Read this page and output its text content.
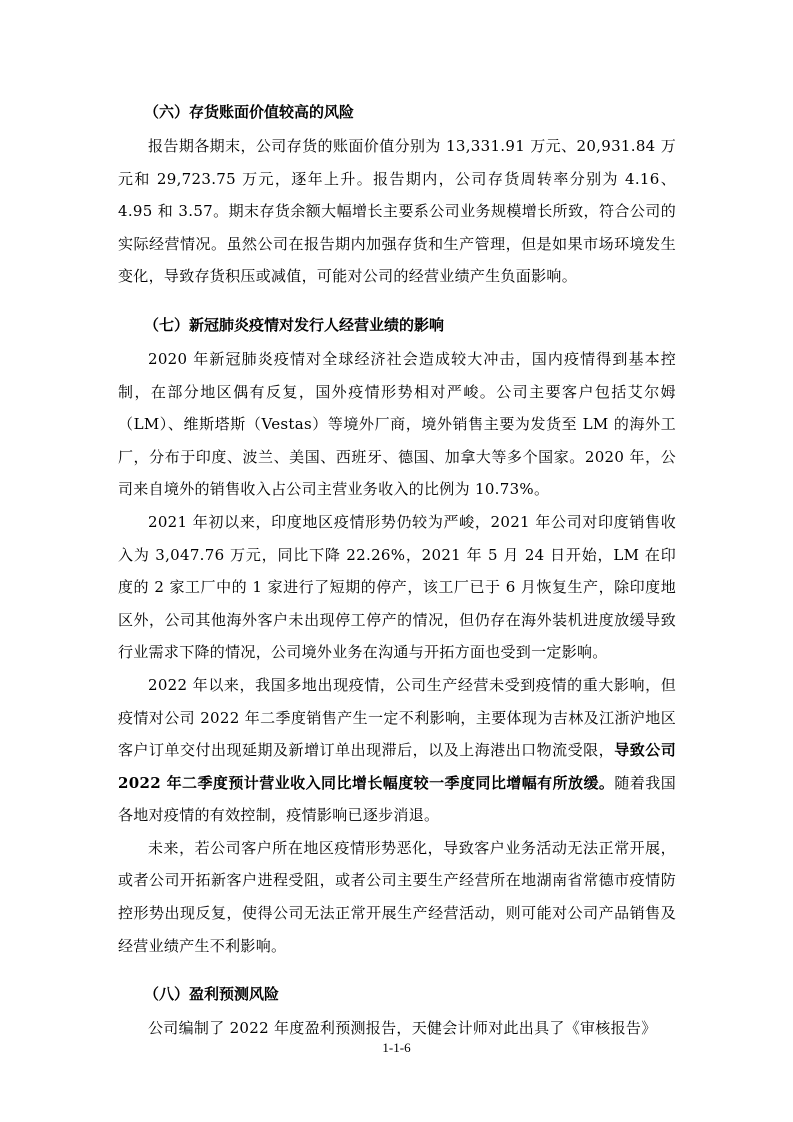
（六）存货账面价值较高的风险

报告期各期末，公司存货的账面价值分别为 13,331.91 万元、20,931.84 万元和 29,723.75 万元，逐年上升。报告期内，公司存货周转率分别为 4.16、4.95 和 3.57。期末存货余额大幅增长主要系公司业务规模增长所致，符合公司的实际经营情况。虽然公司在报告期内加强存货和生产管理，但是如果市场环境发生变化，导致存货积压或减值，可能对公司的经营业绩产生负面影响。

（七）新冠肺炎疫情对发行人经营业绩的影响

2020 年新冠肺炎疫情对全球经济社会造成较大冲击，国内疫情得到基本控制，在部分地区偶有反复，国外疫情形势相对严峻。公司主要客户包括艾尔姆（LM）、维斯塔斯（Vestas）等境外厂商，境外销售主要为发货至 LM 的海外工厂，分布于印度、波兰、美国、西班牙、德国、加拿大等多个国家。2020 年，公司来自境外的销售收入占公司主营业务收入的比例为 10.73%。

2021 年初以来，印度地区疫情形势仍较为严峻，2021 年公司对印度销售收入为 3,047.76 万元，同比下降 22.26%，2021 年 5 月 24 日开始，LM 在印度的 2 家工厂中的 1 家进行了短期的停产，该工厂已于 6 月恢复生产，除印度地区外，公司其他海外客户未出现停工停产的情况，但仍存在海外装机进度放缓导致行业需求下降的情况，公司境外业务在沟通与开拓方面也受到一定影响。

2022 年以来，我国多地出现疫情，公司生产经营未受到疫情的重大影响，但疫情对公司 2022 年二季度销售产生一定不利影响，主要体现为吉林及江浙沪地区客户订单交付出现延期及新增订单出现滞后，以及上海港出口物流受限，导致公司 2022 年二季度预计营业收入同比增长幅度较一季度同比增幅有所放缓。随着我国各地对疫情的有效控制，疫情影响已逐步消退。

未来，若公司客户所在地区疫情形势恶化，导致客户业务活动无法正常开展，或者公司开拓新客户进程受阻，或者公司主要生产经营所在地湖南省常德市疫情防控形势出现反复，使得公司无法正常开展生产经营活动，则可能对公司产品销售及经营业绩产生不利影响。

（八）盈利预测风险

公司编制了 2022 年度盈利预测报告，天健会计师对此出具了《审核报告》

1-1-6
